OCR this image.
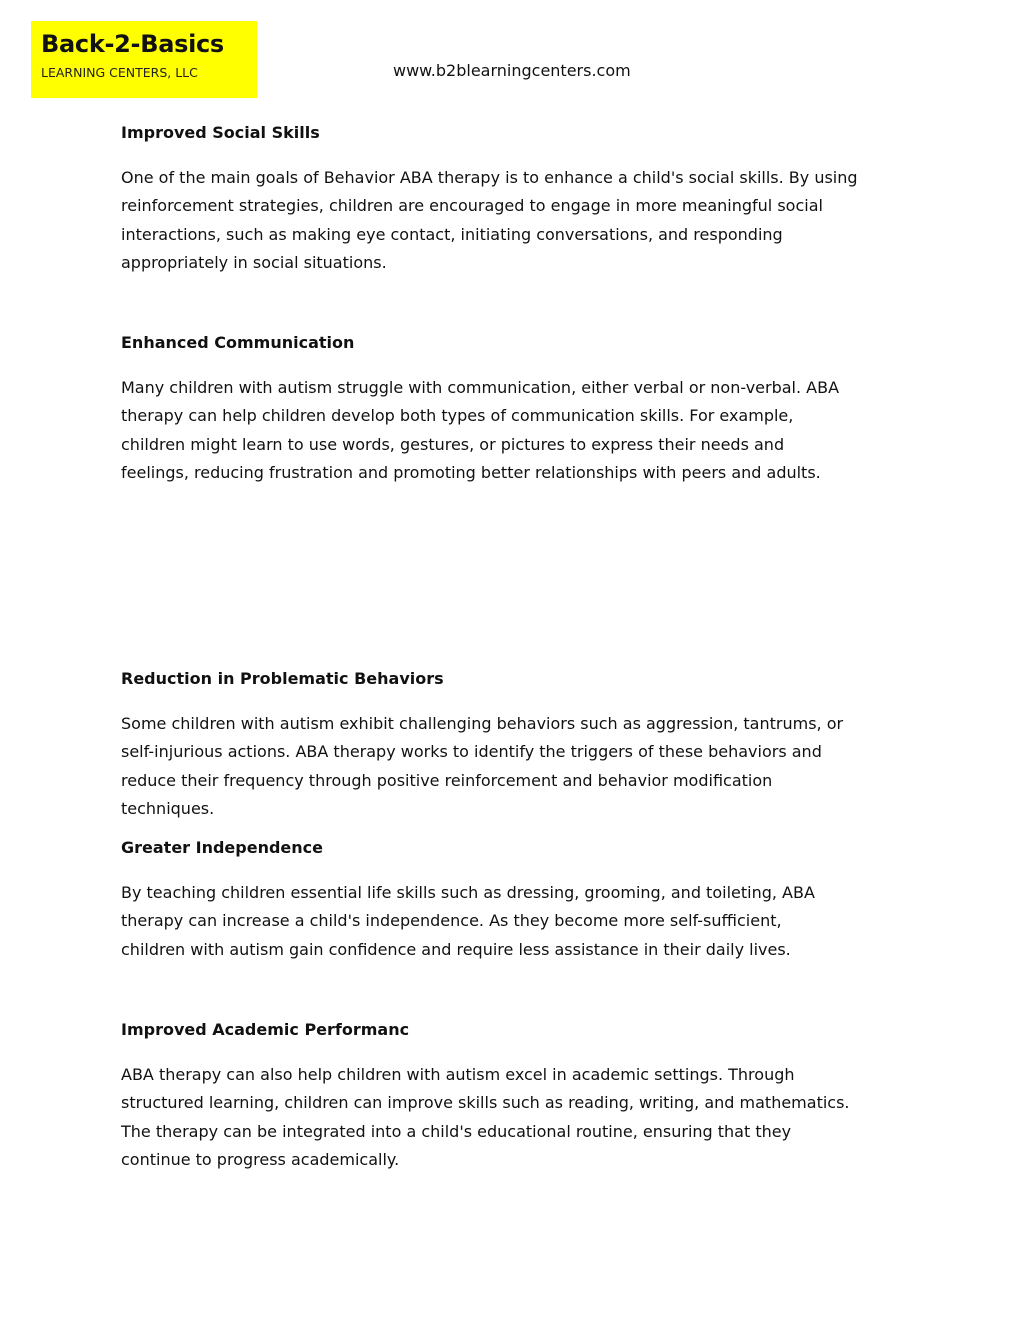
Back-2-Basics
LEARNING CENTERS, LLC	www.b2blearningcenters.com
Improved Social Skills

One of the main goals of Behavior ABA therapy is to enhance a child's social skills. By using
reinforcement strategies, children are encouraged to engage in more meaningful social
interactions, such as making eye contact, initiating conversations, and responding
appropriately in social situations.

Enhanced Communication

Many children with autism struggle with communication, either verbal or non-verbal. ABA
therapy can help children develop both types of communication skills. For example,
children might learn to use words, gestures, or pictures to express their needs and
feelings, reducing frustration and promoting better relationships with peers and adults.

Reduction in Problematic Behaviors

Some children with autism exhibit challenging behaviors such as aggression, tantrums, or
self-injurious actions. ABA therapy works to identify the triggers of these behaviors and
reduce their frequency through positive reinforcement and behavior modification
techniques.

Greater Independence

By teaching children essential life skills such as dressing, grooming, and toileting, ABA
therapy can increase a child's independence. As they become more self-sufficient,
children with autism gain confidence and require less assistance in their daily lives.

Improved Academic Performanc

ABA therapy can also help children with autism excel in academic settings. Through
structured learning, children can improve skills such as reading, writing, and mathematics.
The therapy can be integrated into a child's educational routine, ensuring that they
continue to progress academically.
